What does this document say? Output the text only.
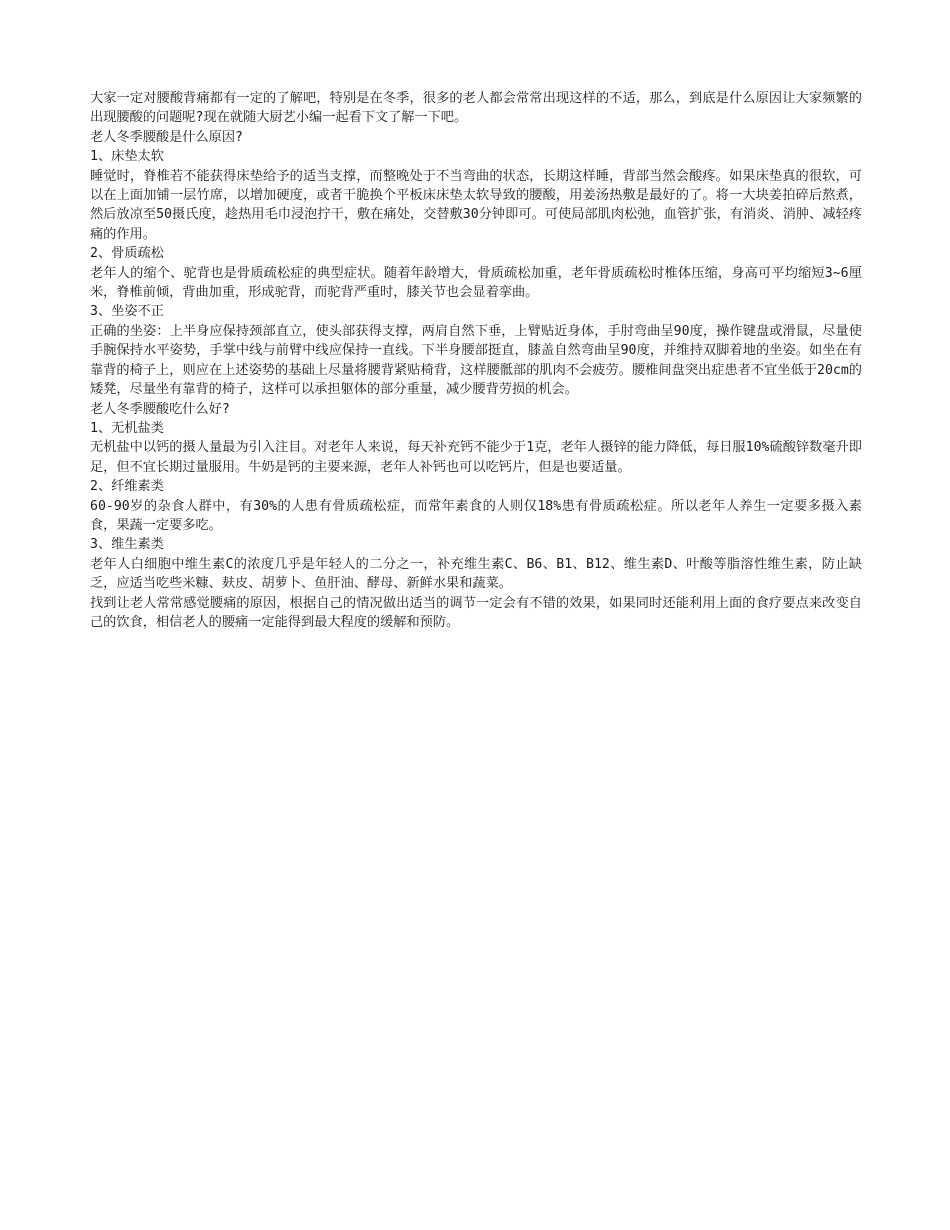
大家一定对腰酸背痛都有一定的了解吧，特别是在冬季，很多的老人都会常常出现这样的不适，那么，到底是什么原因让大家频繁的出现腰酸的问题呢?现在就随大厨艺小编一起看下文了解一下吧。

老人冬季腰酸是什么原因?

1、床垫太软

睡觉时，脊椎若不能获得床垫给予的适当支撑，而整晚处于不当弯曲的状态，长期这样睡，背部当然会酸疼。如果床垫真的很软，可以在上面加铺一层竹席，以增加硬度，或者干脆换个平板床床垫太软导致的腰酸，用姜汤热敷是最好的了。将一大块姜拍碎后熬煮，然后放凉至50摄氏度，趁热用毛巾浸泡拧干，敷在痛处，交替敷30分钟即可。可使局部肌肉松弛，血管扩张，有消炎、消肿、减轻疼痛的作用。

2、骨质疏松

老年人的缩个、驼背也是骨质疏松症的典型症状。随着年龄增大，骨质疏松加重，老年骨质疏松时椎体压缩，身高可平均缩短3~6厘米，脊椎前倾，背曲加重，形成驼背，而驼背严重时，膝关节也会显着挛曲。

3、坐姿不正

正确的坐姿：上半身应保持颈部直立，使头部获得支撑，两肩自然下垂，上臂贴近身体，手肘弯曲呈90度，操作键盘或滑鼠，尽量使手腕保持水平姿势，手掌中线与前臂中线应保持一直线。下半身腰部挺直，膝盖自然弯曲呈90度，并维持双脚着地的坐姿。如坐在有靠背的椅子上，则应在上述姿势的基础上尽量将腰背紧贴椅背，这样腰骶部的肌肉不会疲劳。腰椎间盘突出症患者不宜坐低于20cm的矮凳，尽量坐有靠背的椅子，这样可以承担躯体的部分重量，减少腰背劳损的机会。

老人冬季腰酸吃什么好?

1、无机盐类

无机盐中以钙的摄人量最为引入注目。对老年人来说，每天补充钙不能少于1克，老年人摄锌的能力降低，每日服10%硫酸锌数毫升即足，但不宜长期过量服用。牛奶是钙的主要来源，老年人补钙也可以吃钙片，但是也要适量。

2、纤维素类

60-90岁的杂食人群中，有30%的人患有骨质疏松症，而常年素食的人则仅18%患有骨质疏松症。所以老年人养生一定要多摄入素食，果蔬一定要多吃。

3、维生素类

老年人白细胞中维生素C的浓度几乎是年轻人的二分之一，补充维生素C、B6、B1、B12、维生素D、叶酸等脂溶性维生素，防止缺乏，应适当吃些米糠、麸皮、胡萝卜、鱼肝油、酵母、新鲜水果和蔬菜。

找到让老人常常感觉腰痛的原因，根据自己的情况做出适当的调节一定会有不错的效果，如果同时还能利用上面的食疗要点来改变自己的饮食，相信老人的腰痛一定能得到最大程度的缓解和预防。
